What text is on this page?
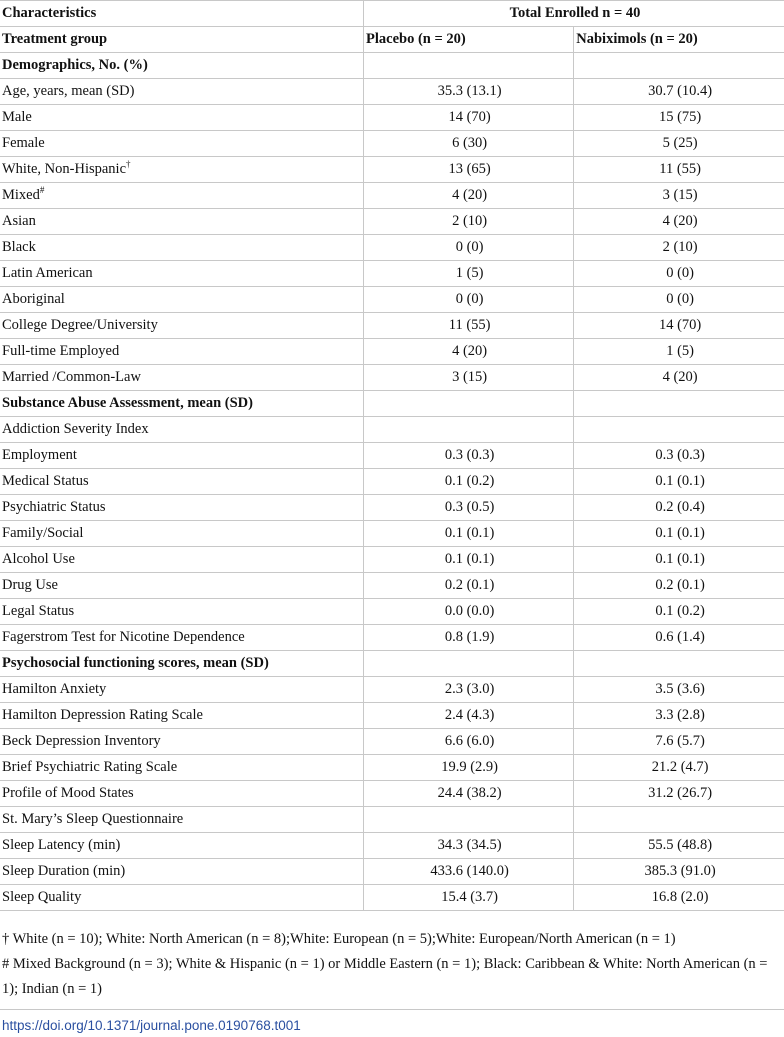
Characteristics	Total Enrolled n = 40	
Treatment group	Placebo (n = 20)	Nabiximols (n = 20)
Demographics, No. (%)		
Age, years, mean (SD)	35.3 (13.1)	30.7 (10.4)
Male	14 (70)	15 (75)
Female	6 (30)	5 (25)
White, Non-Hispanic†	13 (65)	11 (55)
Mixed#	4 (20)	3 (15)
Asian	2 (10)	4 (20)
Black	0 (0)	2 (10)
Latin American	1 (5)	0 (0)
Aboriginal	0 (0)	0 (0)
College Degree/University	11 (55)	14 (70)
Full-time Employed	4 (20)	1 (5)
Married /Common-Law	3 (15)	4 (20)
Substance Abuse Assessment, mean (SD)		
Addiction Severity Index		
Employment	0.3 (0.3)	0.3 (0.3)
Medical Status	0.1 (0.2)	0.1 (0.1)
Psychiatric Status	0.3 (0.5)	0.2 (0.4)
Family/Social	0.1 (0.1)	0.1 (0.1)
Alcohol Use	0.1 (0.1)	0.1 (0.1)
Drug Use	0.2 (0.1)	0.2 (0.1)
Legal Status	0.0 (0.0)	0.1 (0.2)
Fagerstrom Test for Nicotine Dependence	0.8 (1.9)	0.6 (1.4)
Psychosocial functioning scores, mean (SD)		
Hamilton Anxiety	2.3 (3.0)	3.5 (3.6)
Hamilton Depression Rating Scale	2.4 (4.3)	3.3 (2.8)
Beck Depression Inventory	6.6 (6.0)	7.6 (5.7)
Brief Psychiatric Rating Scale	19.9 (2.9)	21.2 (4.7)
Profile of Mood States	24.4 (38.2)	31.2 (26.7)
St. Mary’s Sleep Questionnaire		
Sleep Latency (min)	34.3 (34.5)	55.5 (48.8)
Sleep Duration (min)	433.6 (140.0)	385.3 (91.0)
Sleep Quality	15.4 (3.7)	16.8 (2.0)
† White (n = 10); White: North American (n = 8);White: European (n = 5);White: European/North American (n = 1)
# Mixed Background (n = 3); White & Hispanic (n = 1) or Middle Eastern (n = 1); Black: Caribbean & White: North American (n = 1); Indian (n = 1)
https://doi.org/10.1371/journal.pone.0190768.t001
